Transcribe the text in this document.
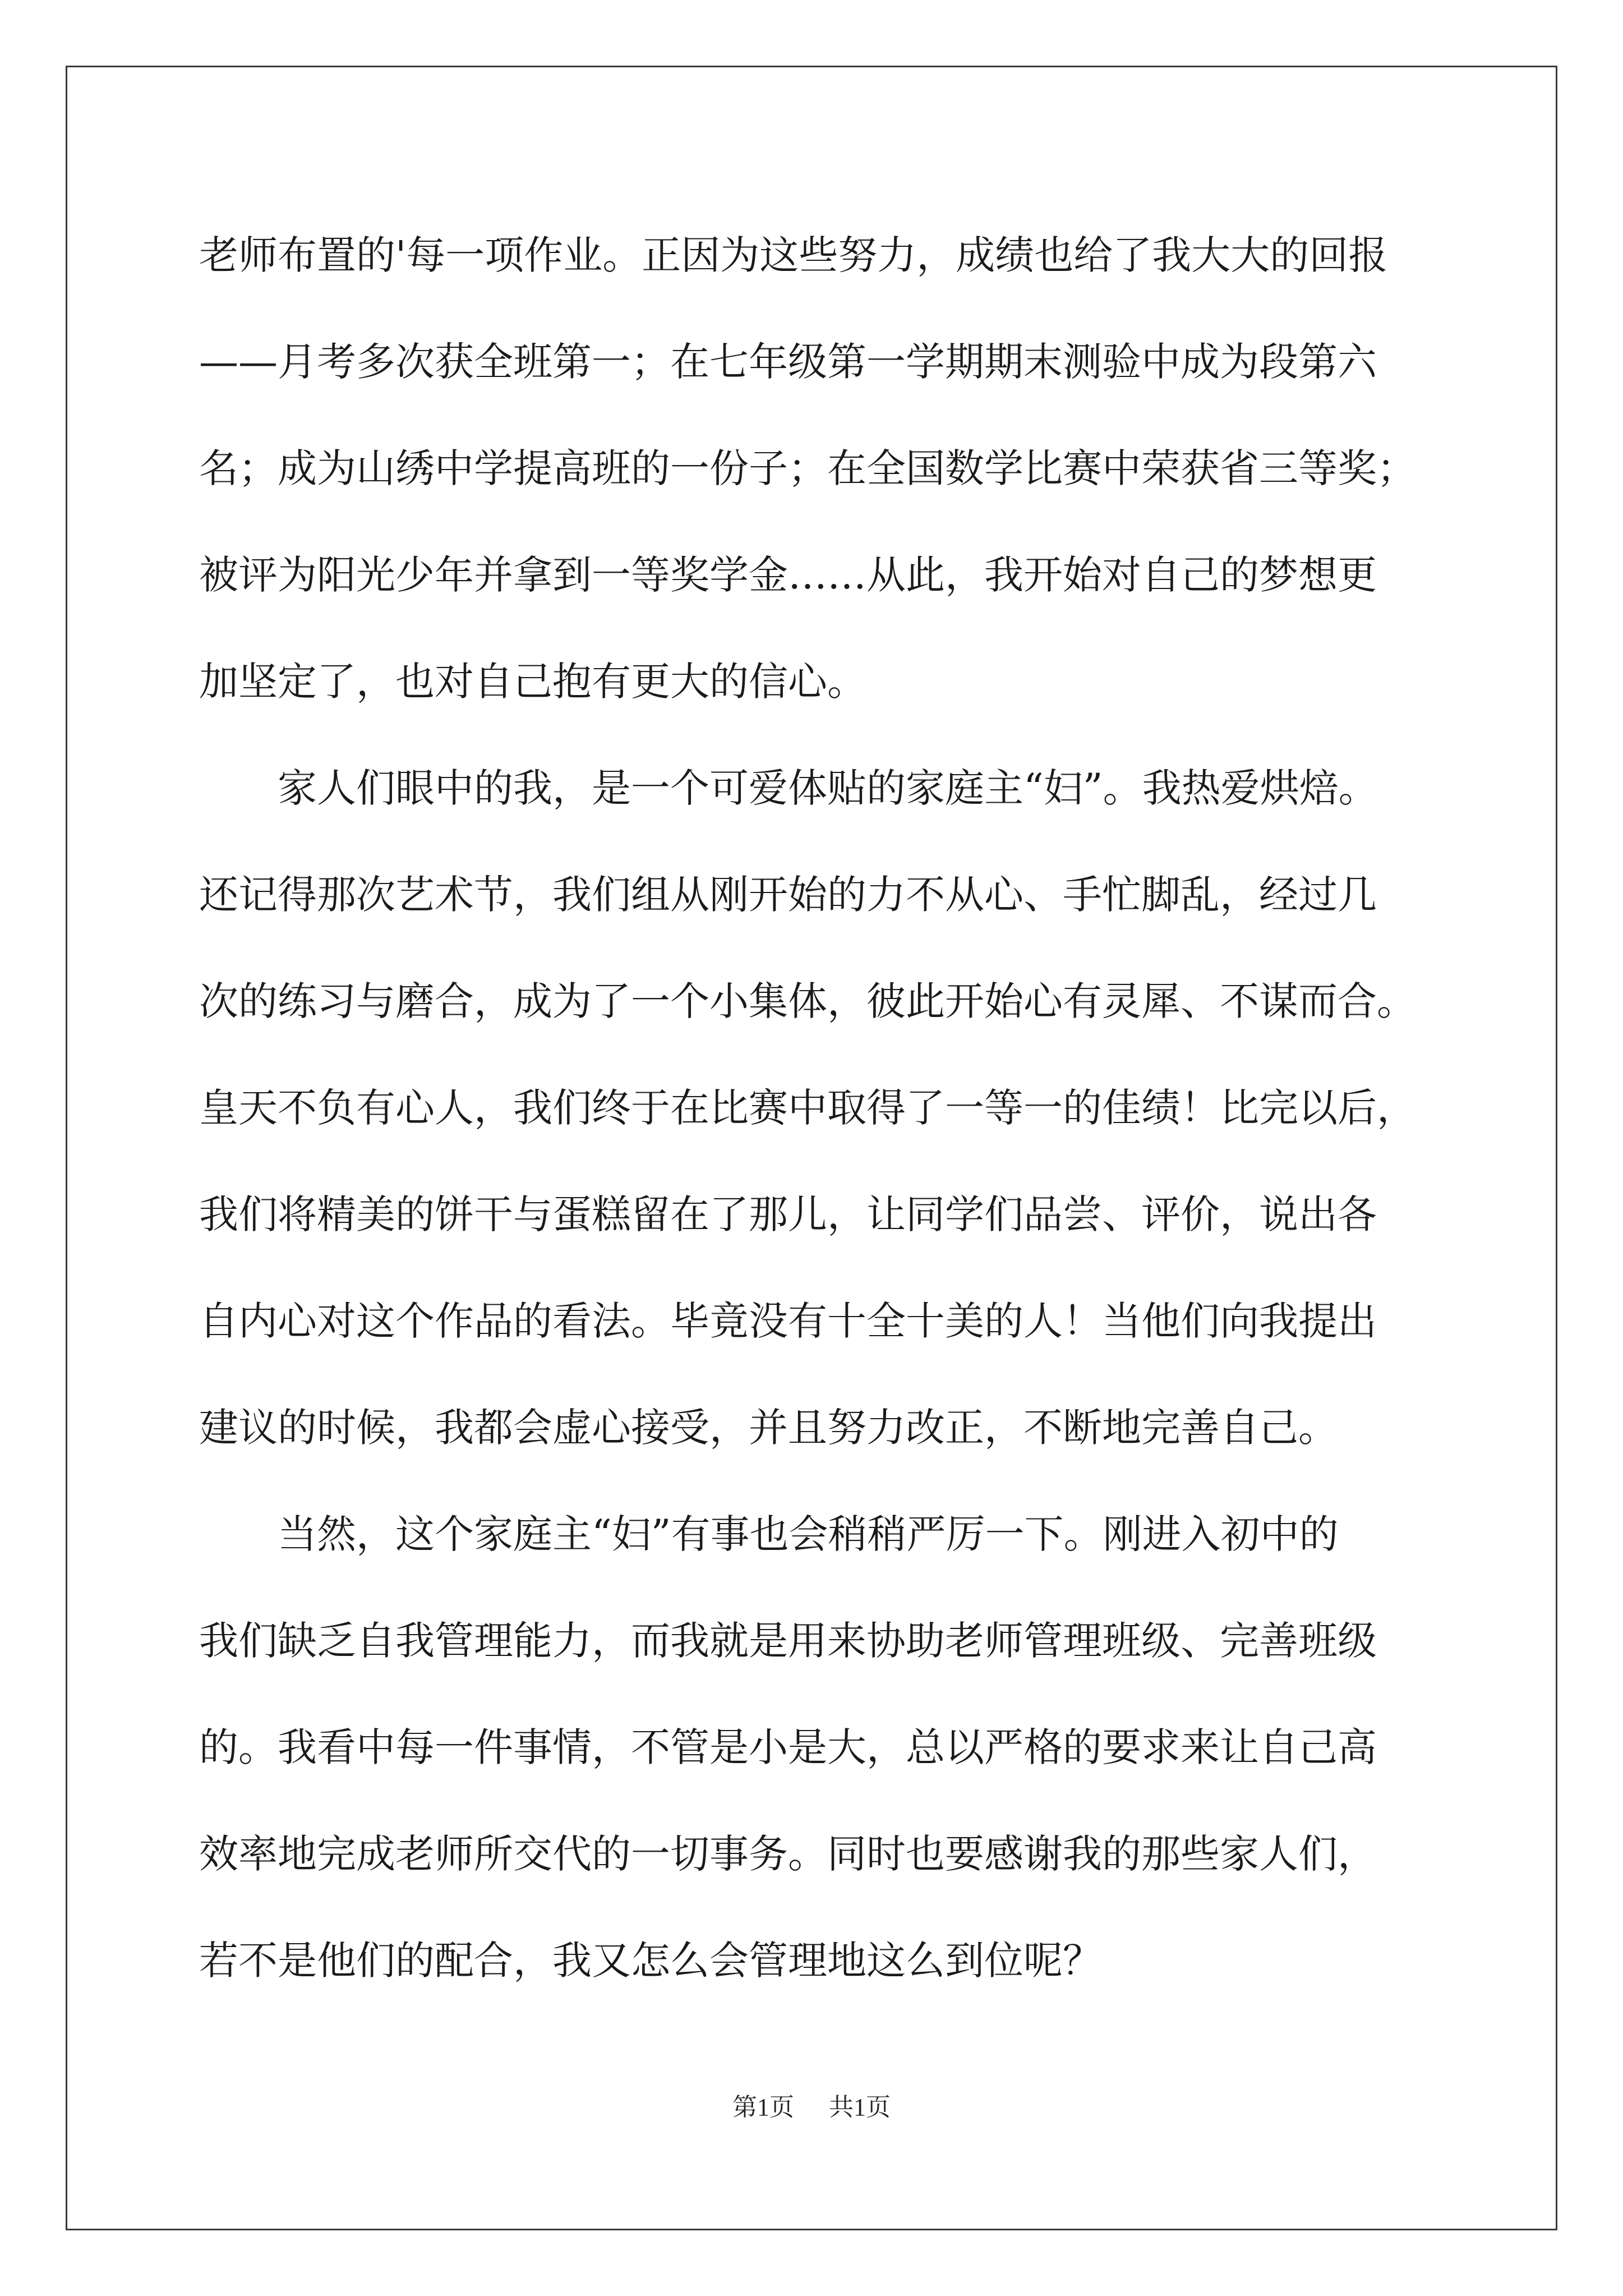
老师布置的'每一项作业。正因为这些努力，成绩也给了我大大的回报
——月考多次获全班第一；在七年级第一学期期末测验中成为段第六
名；成为山绣中学提高班的一份子；在全国数学比赛中荣获省三等奖；
被评为阳光少年并拿到一等奖学金……从此，我开始对自己的梦想更
加坚定了，也对自己抱有更大的信心。
家人们眼中的我，是一个可爱体贴的家庭主“妇”。我热爱烘焙。
还记得那次艺术节，我们组从刚开始的力不从心、手忙脚乱，经过几
次的练习与磨合，成为了一个小集体，彼此开始心有灵犀、不谋而合。
皇天不负有心人，我们终于在比赛中取得了一等一的佳绩！比完以后，
我们将精美的饼干与蛋糕留在了那儿，让同学们品尝、评价，说出各
自内心对这个作品的看法。毕竟没有十全十美的人！当他们向我提出
建议的时候，我都会虚心接受，并且努力改正，不断地完善自己。
当然，这个家庭主“妇”有事也会稍稍严厉一下。刚进入初中的
我们缺乏自我管理能力，而我就是用来协助老师管理班级、完善班级
的。我看中每一件事情，不管是小是大，总以严格的要求来让自己高
效率地完成老师所交代的一切事务。同时也要感谢我的那些家人们，
若不是他们的配合，我又怎么会管理地这么到位呢？
第1页 共1页
